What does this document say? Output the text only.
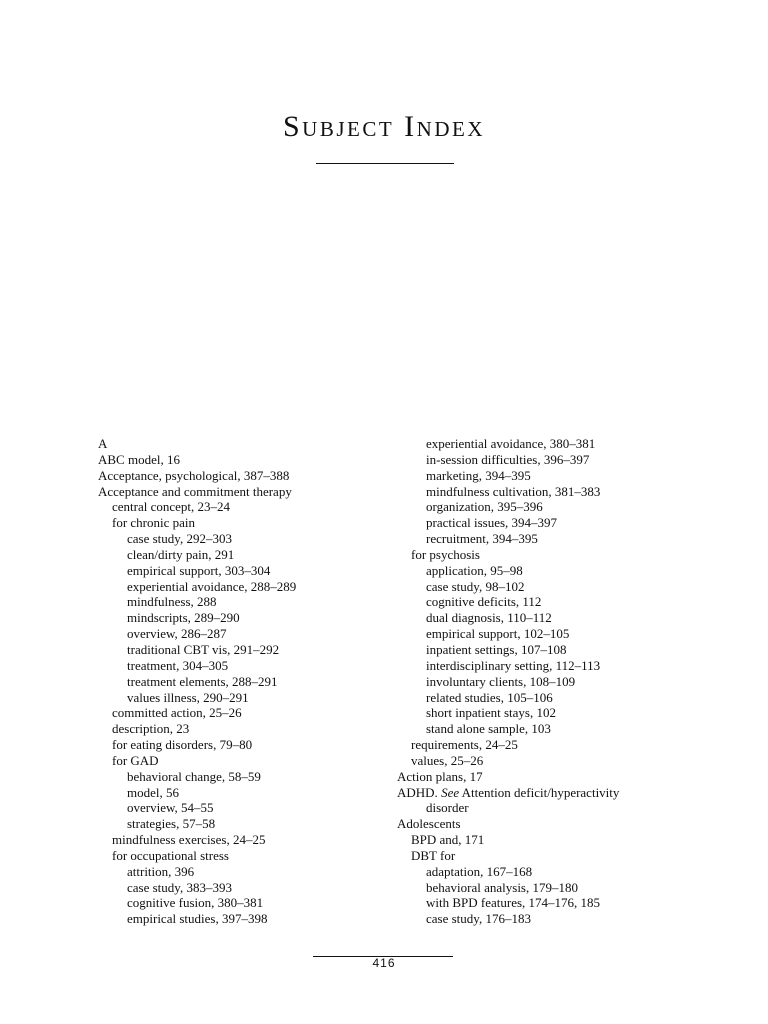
Subject Index
A
ABC model, 16
Acceptance, psychological, 387–388
Acceptance and commitment therapy
central concept, 23–24
for chronic pain
case study, 292–303
clean/dirty pain, 291
empirical support, 303–304
experiential avoidance, 288–289
mindfulness, 288
mindscripts, 289–290
overview, 286–287
traditional CBT vis, 291–292
treatment, 304–305
treatment elements, 288–291
values illness, 290–291
committed action, 25–26
description, 23
for eating disorders, 79–80
for GAD
behavioral change, 58–59
model, 56
overview, 54–55
strategies, 57–58
mindfulness exercises, 24–25
for occupational stress
attrition, 396
case study, 383–393
cognitive fusion, 380–381
empirical studies, 397–398
experiential avoidance, 380–381
in-session difficulties, 396–397
marketing, 394–395
mindfulness cultivation, 381–383
organization, 395–396
practical issues, 394–397
recruitment, 394–395
for psychosis
application, 95–98
case study, 98–102
cognitive deficits, 112
dual diagnosis, 110–112
empirical support, 102–105
inpatient settings, 107–108
interdisciplinary setting, 112–113
involuntary clients, 108–109
related studies, 105–106
short inpatient stays, 102
stand alone sample, 103
requirements, 24–25
values, 25–26
Action plans, 17
ADHD. See Attention deficit/hyperactivity
disorder
Adolescents
BPD and, 171
DBT for
adaptation, 167–168
behavioral analysis, 179–180
with BPD features, 174–176, 185
case study, 176–183
416
